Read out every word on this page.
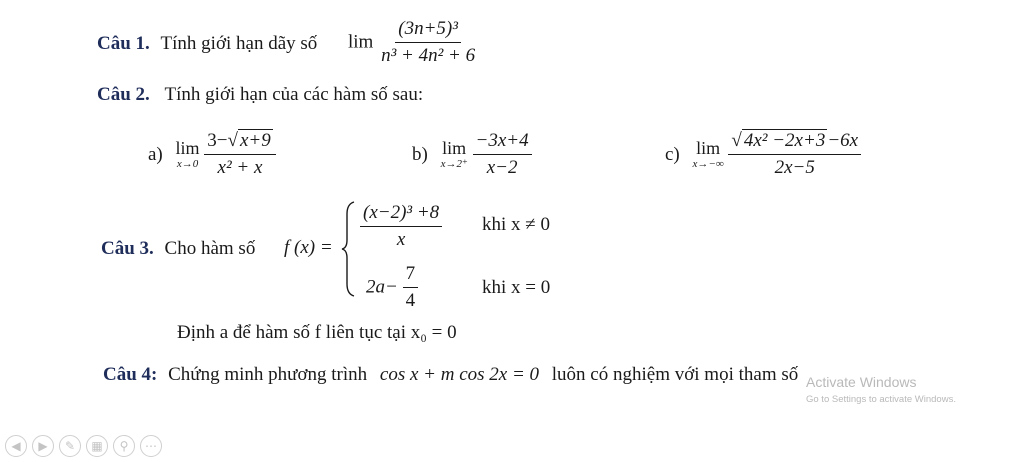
Câu 1. Tính giới hạn dãy số $\lim \frac{\text{(3n+5)³}}{\text{n³ + 4n² + 6}}$
Câu 2. Tính giới hạn của các hàm số sau:
a) lim
x→0
$\frac{3-√ x+9}{\text{x² + x}}$	b) lim
x→2⁺
$\frac{-3x+4}{x-2}$	c) lim
x→−∞
$\frac{\text{√ 4x² −2x+3 −6x}}{2x-5}$
Câu 3. Cho hàm số f $(x) = \frac{\text{(x−2)³ +8}}{x}$ khi x ≠ 0
$2a- \frac{7}{4}$	khi x = 0
Định a để hàm số f liên tục tại x₀ = 0
Câu 4: Chứng minh phương trình cos x + m cos 2x = 0 luôn có nghiệm với mọi tham số Activate Windows
Go to Settings to activate Windows.
◀	▶	✎	▦	⚲	⋯
